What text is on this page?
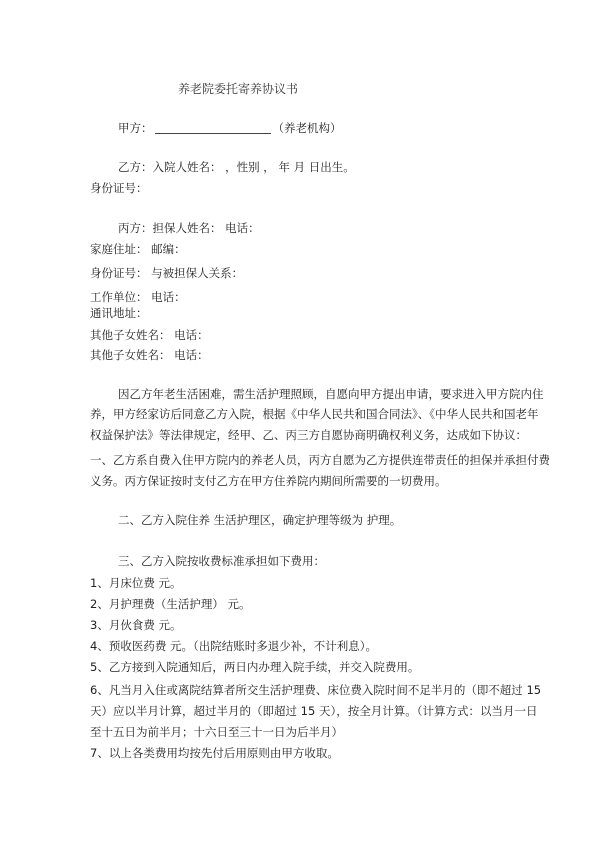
养老院委托寄养协议书
甲方：	（养老机构）
乙方：入院人姓名： ，性别 ， 年 月 日出生。
身份证号：
丙方：担保人姓名： 电话：
家庭住址： 邮编：
身份证号： 与被担保人关系：
工作单位： 电话：
通讯地址：
其他子女姓名： 电话：
其他子女姓名： 电话：
因乙方年老生活困难，需生活护理照顾，自愿向甲方提出申请，要求进入甲方院内住
养，甲方经家访后同意乙方入院，根据《中华人民共和国合同法》、《中华人民共和国老年
权益保护法》等法律规定，经甲、乙、丙三方自愿协商明确权利义务，达成如下协议：
一、乙方系自费入住甲方院内的养老人员，丙方自愿为乙方提供连带责任的担保并承担付费
义务。丙方保证按时支付乙方在甲方住养院内期间所需要的一切费用。
二、乙方入院住养 生活护理区，确定护理等级为 护理。
三、乙方入院按收费标准承担如下费用：
1、月床位费 元。
2、月护理费（生活护理） 元。
3、月伙食费 元。
4、预收医药费 元。（出院结账时多退少补，不计利息）。
5、乙方接到入院通知后，两日内办理入院手续，并交入院费用。
6、凡当月入住或离院结算者所交生活护理费、床位费入院时间不足半月的（即不超过 15
天）应以半月计算，超过半月的（即超过 15 天），按全月计算。（计算方式：以当月一日
至十五日为前半月；十六日至三十一日为后半月）
7、以上各类费用均按先付后用原则由甲方收取。
